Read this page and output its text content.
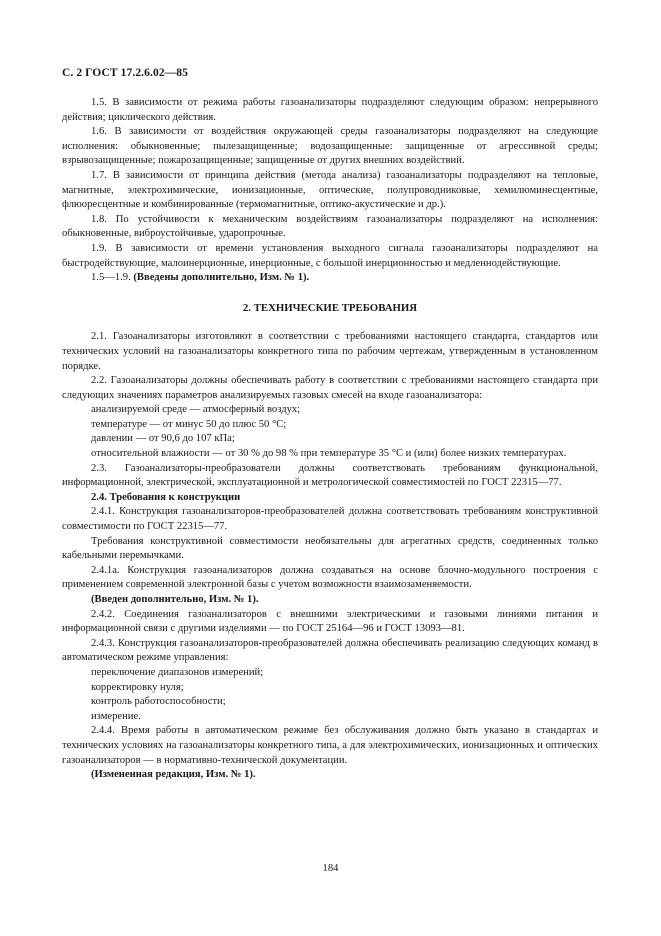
С. 2 ГОСТ 17.2.6.02—85

1.5. В зависимости от режима работы газоанализаторы подразделяют следующим образом: непрерывного действия; циклического действия.

1.6. В зависимости от воздействия окружающей среды газоанализаторы подразделяют на следующие исполнения: обыкновенные; пылезащищенные; водозащищенные: защищенные от агрессивной среды; взрывозащищенные; пожарозащищенные; защищенные от других внешних воздействий.

1.7. В зависимости от принципа действия (метода анализа) газоанализаторы подразделяют на тепловые, магнитные, электрохимические, ионизационные, оптические, полупроводниковые, хемилюминесцентные, флюоресцентные и комбинированные (термомагнитные, оптико-акустические и др.).

1.8. По устойчивости к механическим воздействиям газоанализаторы подразделяют на исполнения: обыкновенные, виброустойчивые, ударопрочные.

1.9. В зависимости от времени установления выходного сигнала газоанализаторы подразделяют на быстродействующие, малоинерционные, инерционные, с большой инерционностью и медленнодействующие.

1.5—1.9. (Введены дополнительно, Изм. № 1).

2. ТЕХНИЧЕСКИЕ ТРЕБОВАНИЯ

2.1. Газоанализаторы изготовляют в соответствии с требованиями настоящего стандарта, стандартов или технических условий на газоанализаторы конкретного типа по рабочим чертежам, утвержденным в установленном порядке.

2.2. Газоанализаторы должны обеспечивать работу в соответствии с требованиями настоящего стандарта при следующих значениях параметров анализируемых газовых смесей на входе газоанализатора:

анализируемой среде — атмосферный воздух;

температуре — от минус 50 до плюс 50 °С;

давлении — от 90,6 до 107 кПа;

относительной влажности — от 30 % до 98 % при температуре 35 °С и (или) более низких температурах.

2.3. Газоанализаторы-преобразователи должны соответствовать требованиям функциональной, информационной, электрической, эксплуатационной и метрологической совместимостей по ГОСТ 22315—77.

2.4. Требования к конструкции

2.4.1. Конструкция газоанализаторов-преобразователей должна соответствовать требованиям конструктивной совместимости по ГОСТ 22315—77.

Требования конструктивной совместимости необязательны для агрегатных средств, соединенных только кабельными перемычками.

2.4.1а. Конструкция газоанализаторов должна создаваться на основе блочно-модульного построения с применением современной электронной базы с учетом возможности взаимозаменяемости.

(Введен дополнительно, Изм. № 1).

2.4.2. Соединения газоанализаторов с внешними электрическими и газовыми линиями питания и информационной связи с другими изделиями — по ГОСТ 25164—96 и ГОСТ 13093—81.

2.4.3. Конструкция газоанализаторов-преобразователей должна обеспечивать реализацию следующих команд в автоматическом режиме управления:

переключение диапазонов измерений;

корректировку нуля;

контроль работоспособности;

измерение.

2.4.4. Время работы в автоматическом режиме без обслуживания должно быть указано в стандартах и технических условиях на газоанализаторы конкретного типа, а для электрохимических, ионизационных и оптических газоанализаторов — в нормативно-технической документации.

(Измененная редакция, Изм. № 1).

184
